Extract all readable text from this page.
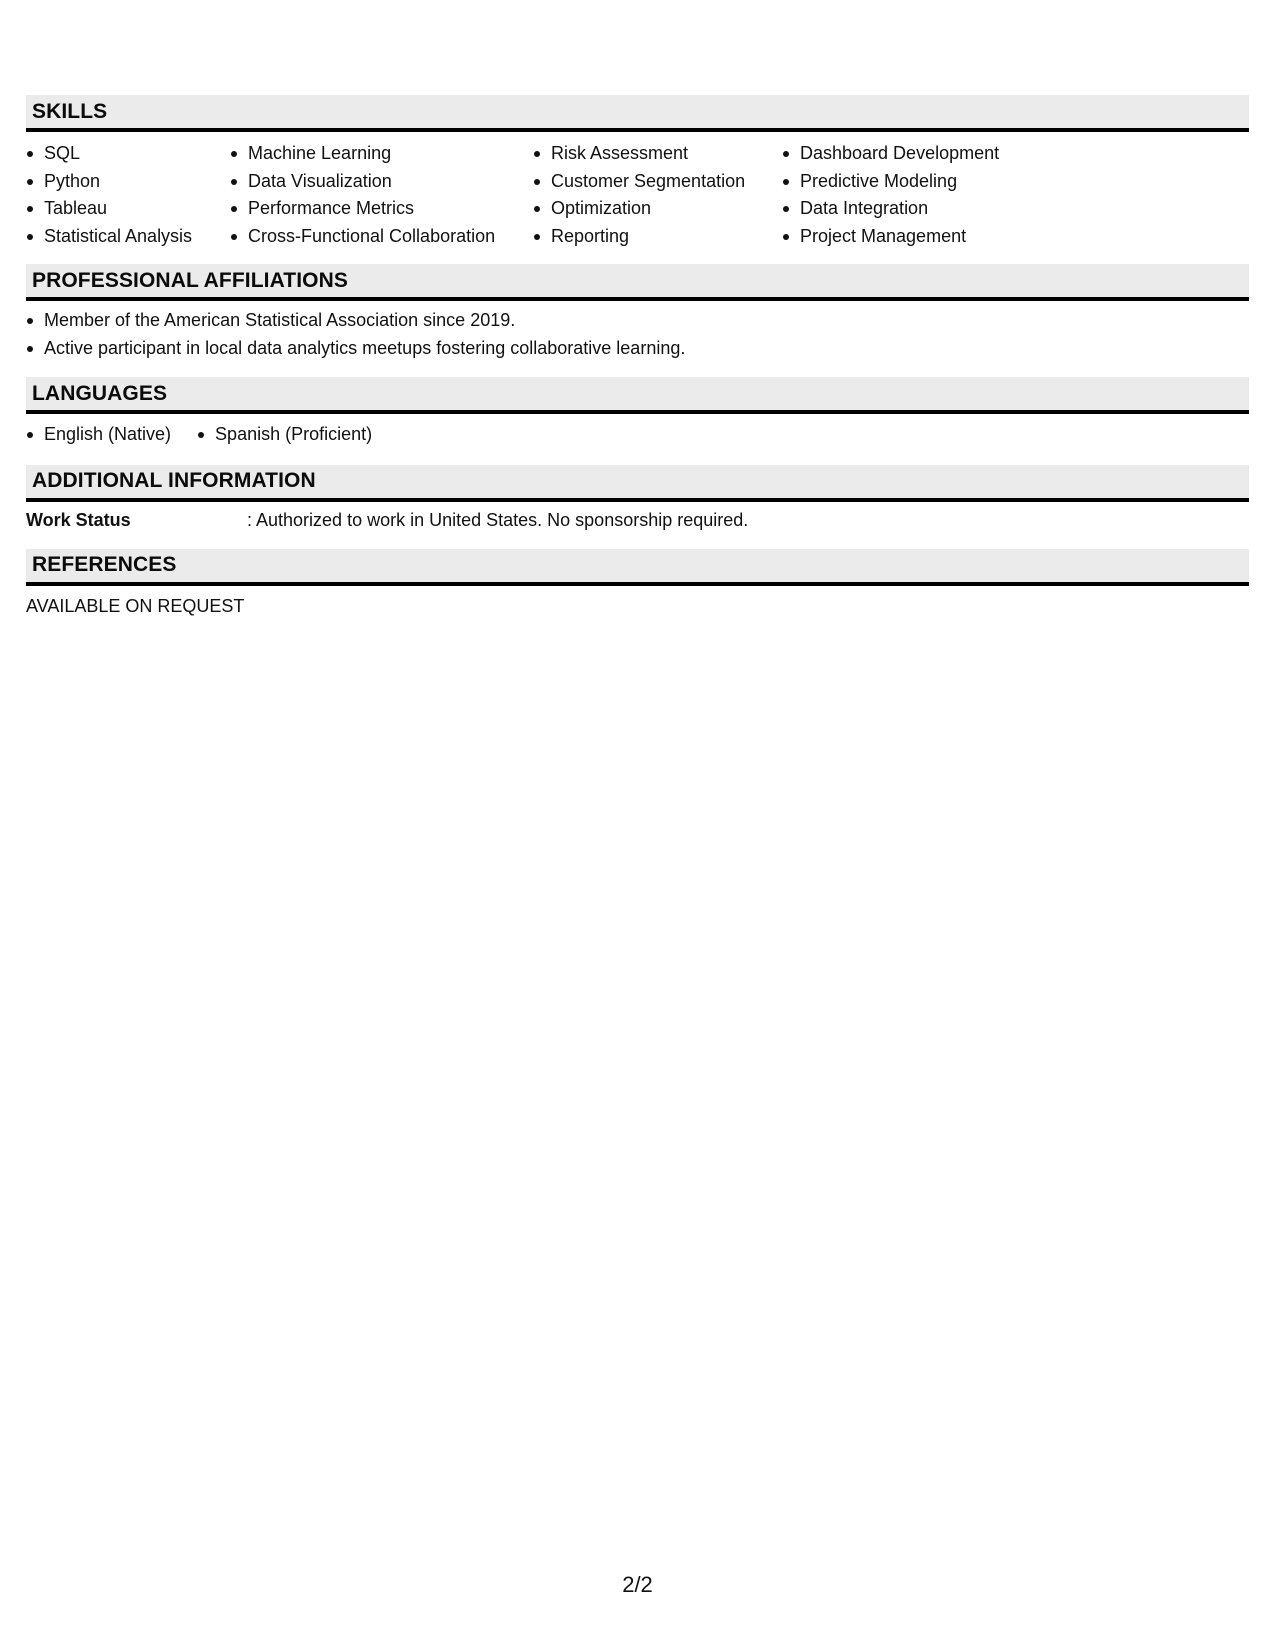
SKILLS
SQL
Python
Tableau
Statistical Analysis
Machine Learning
Data Visualization
Performance Metrics
Cross-Functional Collaboration
Risk Assessment
Customer Segmentation
Optimization
Reporting
Dashboard Development
Predictive Modeling
Data Integration
Project Management
PROFESSIONAL AFFILIATIONS
Member of the American Statistical Association since 2019.
Active participant in local data analytics meetups fostering collaborative learning.
LANGUAGES
English (Native)	Spanish (Proficient)
ADDITIONAL INFORMATION
Work Status	: Authorized to work in United States. No sponsorship required.
REFERENCES
AVAILABLE ON REQUEST
2/2
